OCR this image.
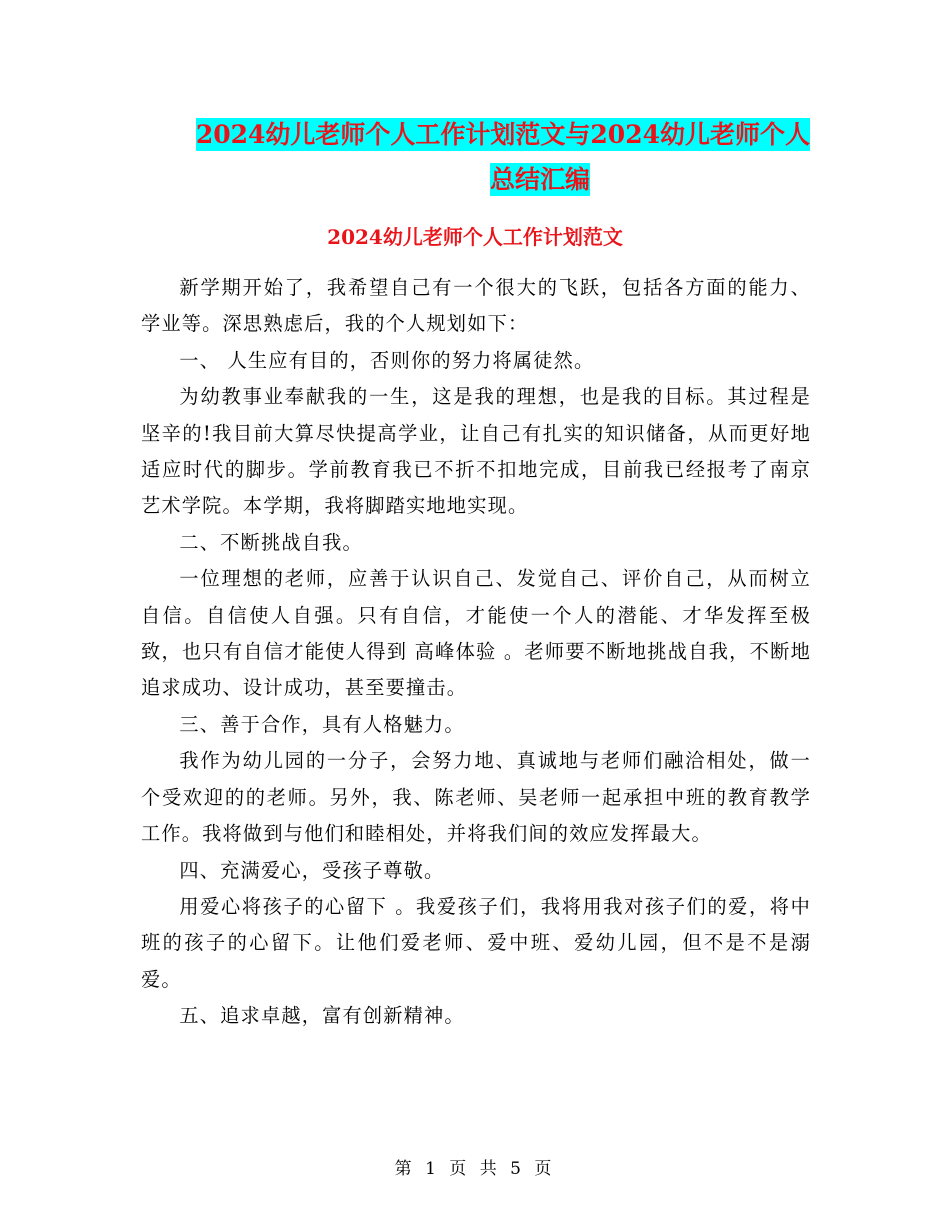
2024幼儿老师个人工作计划范文与2024幼儿老师个人

总结汇编
2024幼儿老师个人工作计划范文

新学期开始了，我希望自己有一个很大的飞跃，包括各方面的能力、学业等。深思熟虑后，我的个人规划如下：

一、 人生应有目的，否则你的努力将属徒然。

为幼教事业奉献我的一生，这是我的理想，也是我的目标。其过程是坚辛的!我目前大算尽快提高学业，让自己有扎实的知识储备，从而更好地适应时代的脚步。学前教育我已不折不扣地完成，目前我已经报考了南京艺术学院。本学期，我将脚踏实地地实现。

二、不断挑战自我。

一位理想的老师，应善于认识自己、发觉自己、评价自己，从而树立自信。自信使人自强。只有自信，才能使一个人的潜能、才华发挥至极致，也只有自信才能使人得到 高峰体验 。老师要不断地挑战自我，不断地追求成功、设计成功，甚至要撞击。

三、善于合作，具有人格魅力。

我作为幼儿园的一分子，会努力地、真诚地与老师们融洽相处，做一个受欢迎的的老师。另外，我、陈老师、吴老师一起承担中班的教育教学工作。我将做到与他们和睦相处，并将我们间的效应发挥最大。

四、充满爱心，受孩子尊敬。

用爱心将孩子的心留下 。我爱孩子们，我将用我对孩子们的爱，将中班的孩子的心留下。让他们爱老师、爱中班、爱幼儿园，但不是不是溺爱。

五、追求卓越，富有创新精神。

第 1 页 共 5 页
